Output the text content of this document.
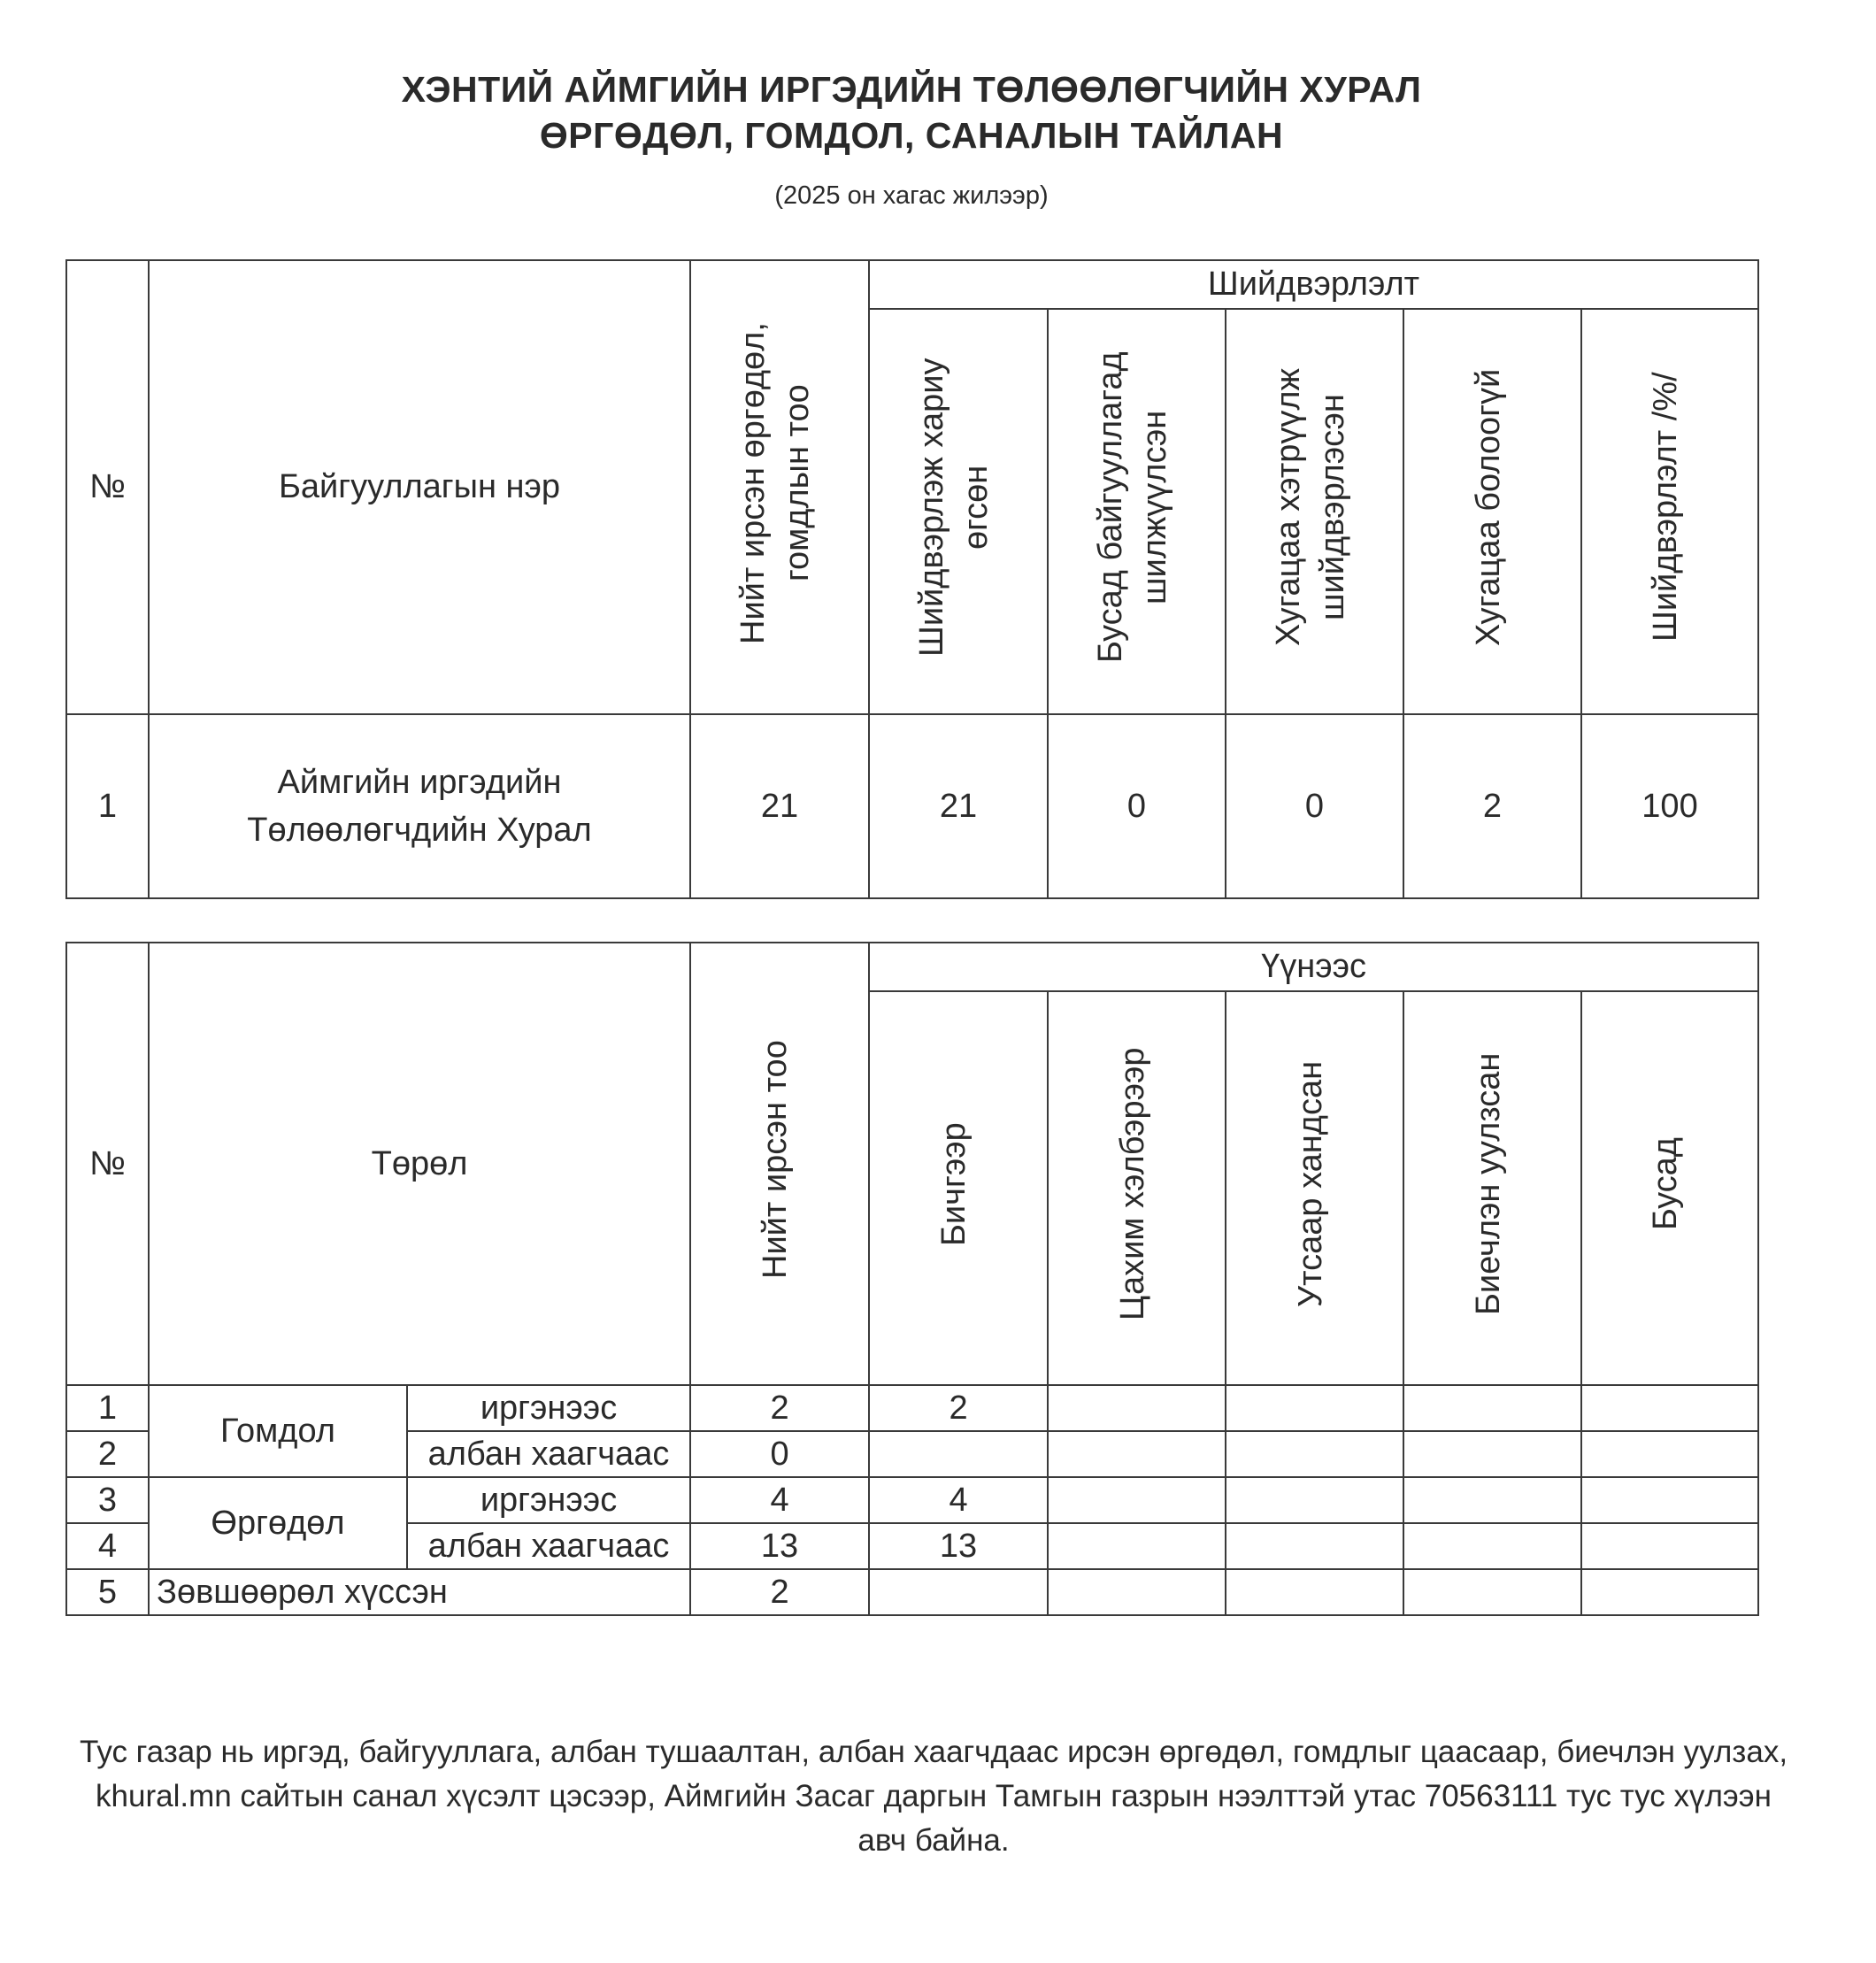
ХЭНТИЙ АЙМГИЙН ИРГЭДИЙН ТӨЛӨӨЛӨГЧИЙН ХУРАЛ
ӨРГӨДӨЛ, ГОМДОЛ, САНАЛЫН ТАЙЛАН
(2025 он хагас жилээр)
№	Байгууллагын нэр	Нийт ирсэн өргөдөл, гомдлын тоо	Шийдвэрлэлт				
			Шийдвэрлэж хариу өгсөн	Бусад байгууллагад шилжүүлсэн	Хугацаа хэтрүүлж шийдвэрлэсэн	Хугацаа болоогүй	Шийдвэрлэлт /%/
1	Аймгийн иргэдийн
Төлөөлөгчдийн Хурал	21	21	0	0	2	100
№	Төрөл		Нийт ирсэн тоо	Үүнээс				
				Бичгээр	Цахим хэлбэрээр	Утсаар хандсан	Биечлэн уулзсан	Бусад
1	Гомдол	иргэнээс	2	2				
2		албан хаагчаас	0					
3	Өргөдөл	иргэнээс	4	4				
4		албан хаагчаас	13	13				
5	Зөвшөөрөл хүссэн		2					
Тус газар нь иргэд, байгууллага, албан тушаалтан, албан хаагчдаас ирсэн өргөдөл, гомдлыг цаасаар, биечлэн уулзах, khural.mn сайтын санал хүсэлт цэсээр, Аймгийн Засаг даргын Тамгын газрын нээлттэй утас 70563111 тус тус хүлээн авч байна.
